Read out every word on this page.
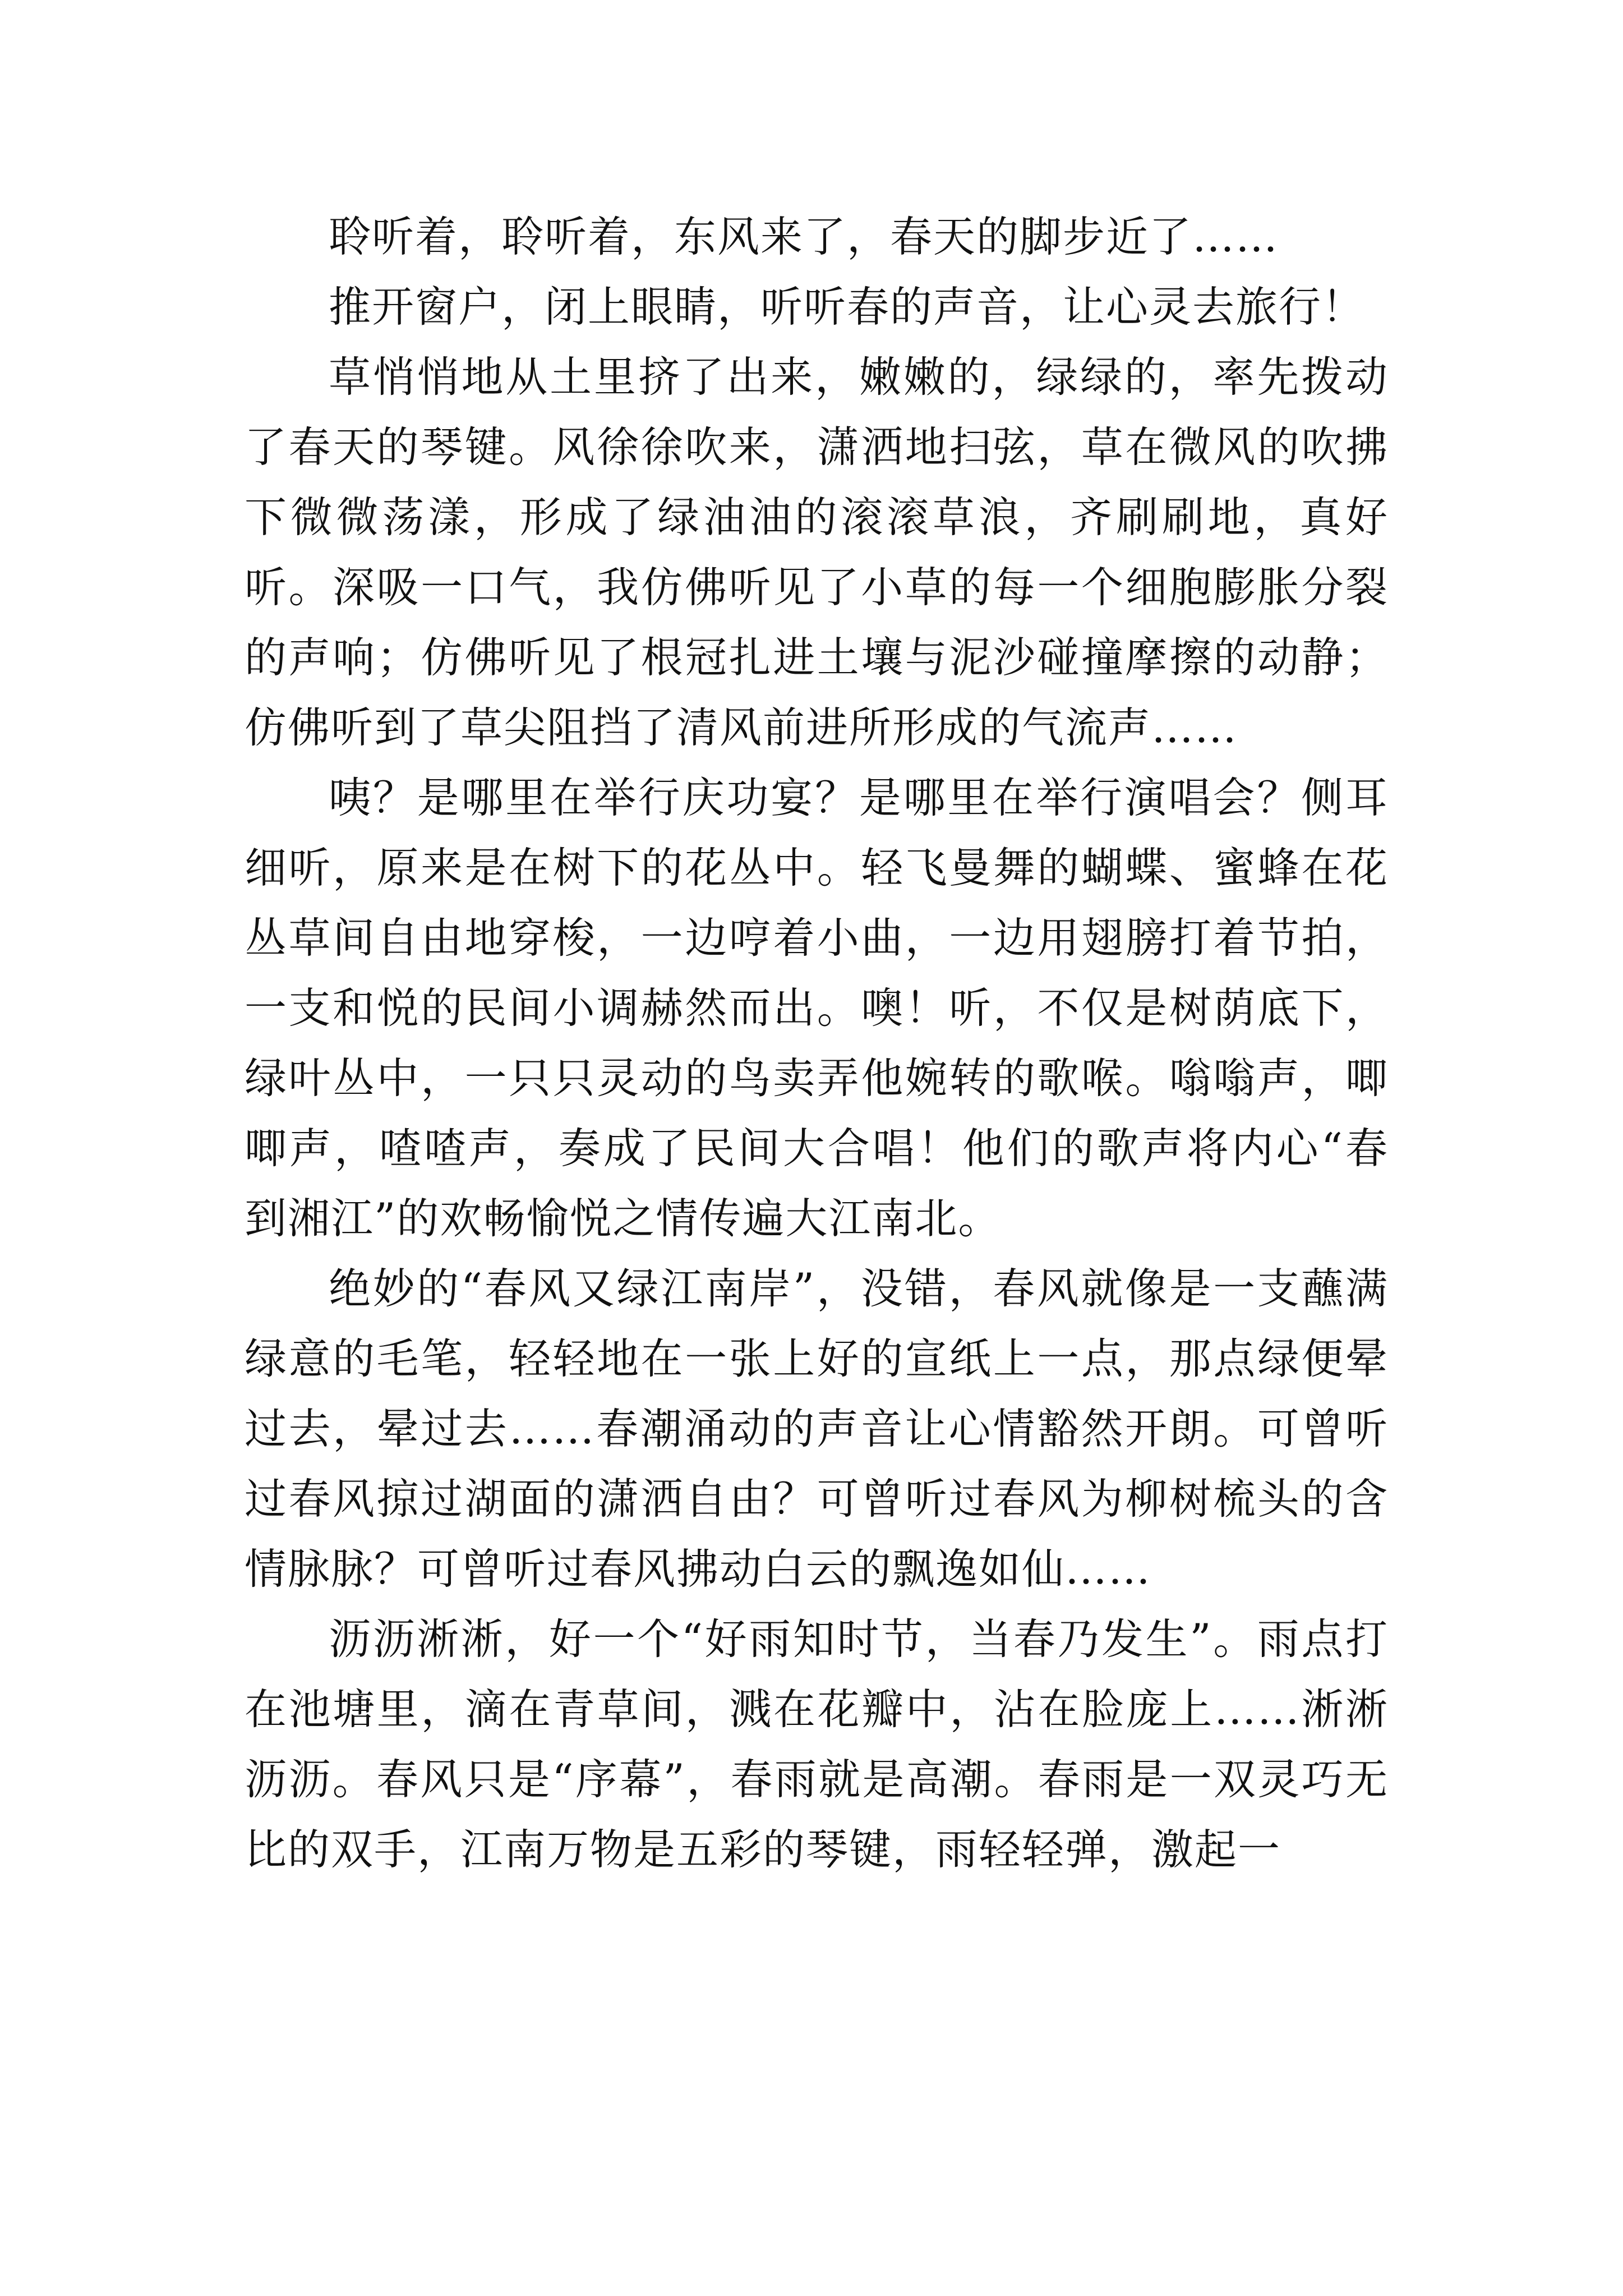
聆听着，聆听着，东风来了，春天的脚步近了……

推开窗户，闭上眼睛，听听春的声音，让心灵去旅行！

草悄悄地从土里挤了出来，嫩嫩的，绿绿的，率先拨动了春天的琴键。风徐徐吹来，潇洒地扫弦，草在微风的吹拂下微微荡漾，形成了绿油油的滚滚草浪，齐刷刷地，真好听。深吸一口气，我仿佛听见了小草的每一个细胞膨胀分裂的声响；仿佛听见了根冠扎进土壤与泥沙碰撞摩擦的动静；仿佛听到了草尖阻挡了清风前进所形成的气流声……

咦？是哪里在举行庆功宴？是哪里在举行演唱会？侧耳细听，原来是在树下的花丛中。轻飞曼舞的蝴蝶、蜜蜂在花丛草间自由地穿梭，一边哼着小曲，一边用翅膀打着节拍，一支和悦的民间小调赫然而出。噢！听，不仅是树荫底下，绿叶丛中，一只只灵动的鸟卖弄他婉转的歌喉。嗡嗡声，唧唧声，喳喳声，奏成了民间大合唱！他们的歌声将内心“春到湘江”的欢畅愉悦之情传遍大江南北。

绝妙的“春风又绿江南岸”，没错，春风就像是一支蘸满绿意的毛笔，轻轻地在一张上好的宣纸上一点，那点绿便晕过去，晕过去……春潮涌动的声音让心情豁然开朗。可曾听过春风掠过湖面的潇洒自由？可曾听过春风为柳树梳头的含情脉脉？可曾听过春风拂动白云的飘逸如仙……

沥沥淅淅，好一个“好雨知时节，当春乃发生”。雨点打在池塘里，滴在青草间，溅在花瓣中，沾在脸庞上……淅淅沥沥。春风只是“序幕”，春雨就是高潮。春雨是一双灵巧无比的双手，江南万物是五彩的琴键，雨轻轻弹，激起一
